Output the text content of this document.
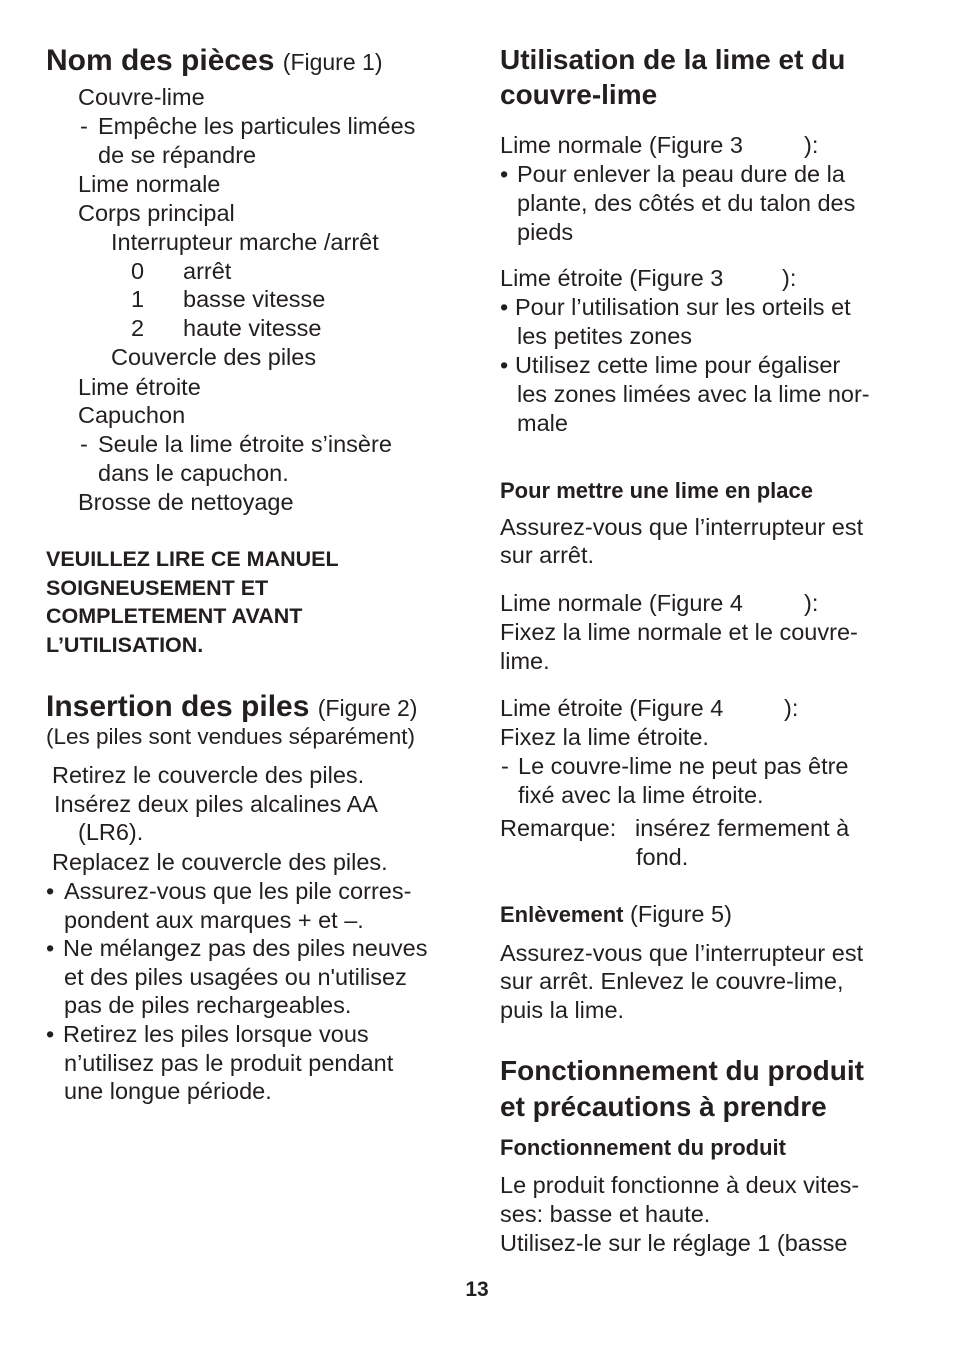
Nom des pièces (Figure 1)
Couvre-lime
- Empêche les particules limées
de se répandre
Lime normale
Corps principal
Interrupteur marche /arrêt
0 arrêt
1 basse vitesse
2 haute vitesse
Couvercle des piles
Lime étroite
Capuchon
- Seule la lime étroite s’insère
dans le capuchon.
Brosse de nettoyage
VEUILLEZ LIRE CE MANUEL
SOIGNEUSEMENT ET
COMPLETEMENT AVANT
L’UTILISATION.
Insertion des piles (Figure 2)
(Les piles sont vendues séparément)
Retirez le couvercle des piles.
Insérez deux piles alcalines AA
(LR6).
Replacez le couvercle des piles.
• Assurez-vous que les pile corres-
pondent aux marques + et –.
• Ne mélangez pas des piles neuves
et des piles usagées ou n'utilisez
pas de piles rechargeables.
• Retirez les piles lorsque vous
n’utilisez pas le produit pendant
une longue période.
Utilisation de la lime et du
couvre-lime
Lime normale (Figure 3	):
• Pour enlever la peau dure de la
plante, des côtés et du talon des
pieds
Lime étroite (Figure 3 ):
• Pour l’utilisation sur les orteils et
les petites zones
• Utilisez cette lime pour égaliser
les zones limées avec la lime nor-
male
Pour mettre une lime en place
Assurez-vous que l’interrupteur est
sur arrêt.
Lime normale (Figure 4	):
Fixez la lime normale et le couvre-
lime.
Lime étroite (Figure 4	):
Fixez la lime étroite.
- Le couvre-lime ne peut pas être
fixé avec la lime étroite.
Remarque: insérez fermement à
fond.
Enlèvement (Figure 5)
Assurez-vous que l’interrupteur est
sur arrêt. Enlevez le couvre-lime,
puis la lime.
Fonctionnement du produit
et précautions à prendre
Fonctionnement du produit
Le produit fonctionne à deux vites-
ses: basse et haute.
Utilisez-le sur le réglage 1 (basse
13
